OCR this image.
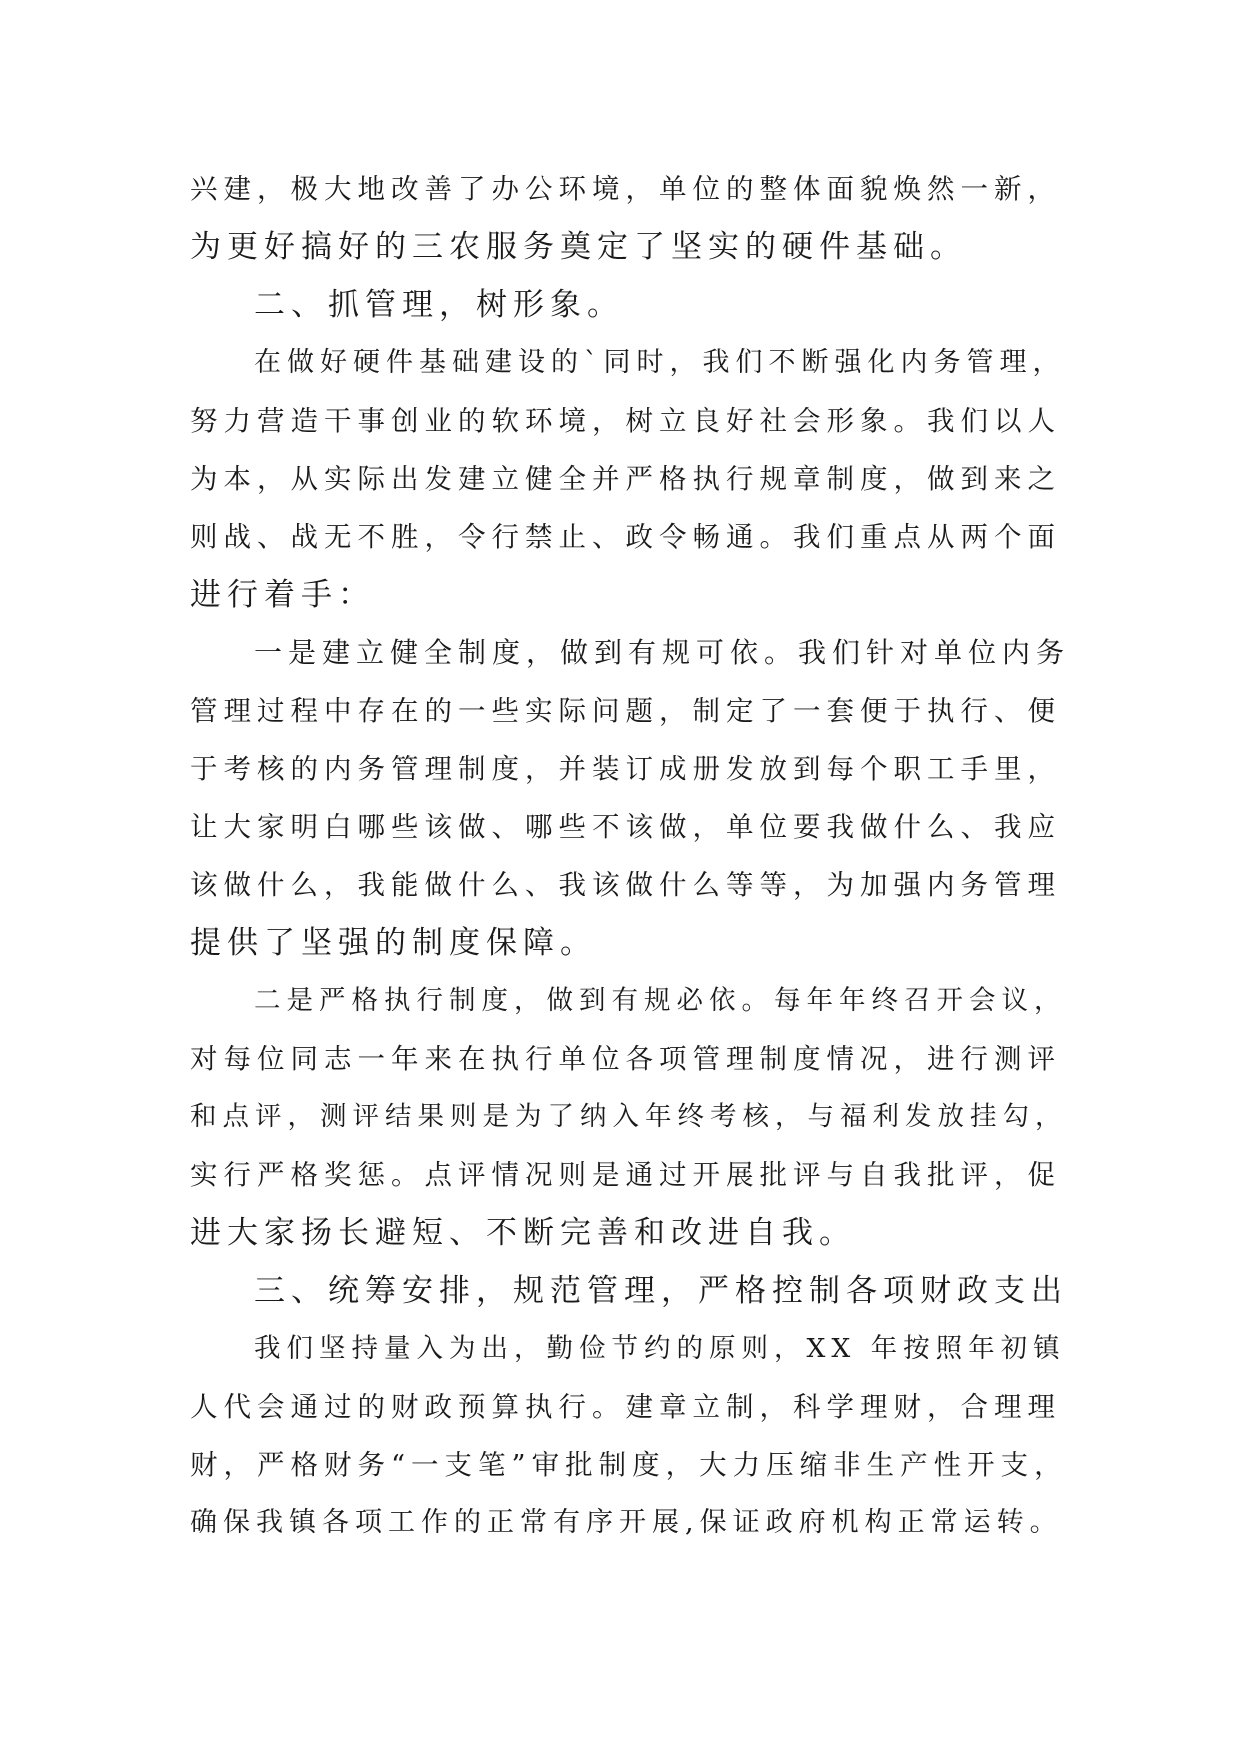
兴建，极大地改善了办公环境，单位的整体面貌焕然一新，
为更好搞好的三农服务奠定了坚实的硬件基础。
二、抓管理，树形象。
在做好硬件基础建设的`同时，我们不断强化内务管理，
努力营造干事创业的软环境，树立良好社会形象。我们以人
为本，从实际出发建立健全并严格执行规章制度，做到来之
则战、战无不胜，令行禁止、政令畅通。我们重点从两个面
进行着手：
一是建立健全制度，做到有规可依。我们针对单位内务
管理过程中存在的一些实际问题，制定了一套便于执行、便
于考核的内务管理制度，并装订成册发放到每个职工手里，
让大家明白哪些该做、哪些不该做，单位要我做什么、我应
该做什么，我能做什么、我该做什么等等，为加强内务管理
提供了坚强的制度保障。
二是严格执行制度，做到有规必依。每年年终召开会议，
对每位同志一年来在执行单位各项管理制度情况，进行测评
和点评，测评结果则是为了纳入年终考核，与福利发放挂勾，
实行严格奖惩。点评情况则是通过开展批评与自我批评，促
进大家扬长避短、不断完善和改进自我。
三、统筹安排，规范管理，严格控制各项财政支出
我们坚持量入为出，勤俭节约的原则，XX 年按照年初镇
人代会通过的财政预算执行。建章立制，科学理财，合理理
财，严格财务“一支笔”审批制度，大力压缩非生产性开支，
确保我镇各项工作的正常有序开展,保证政府机构正常运转。
